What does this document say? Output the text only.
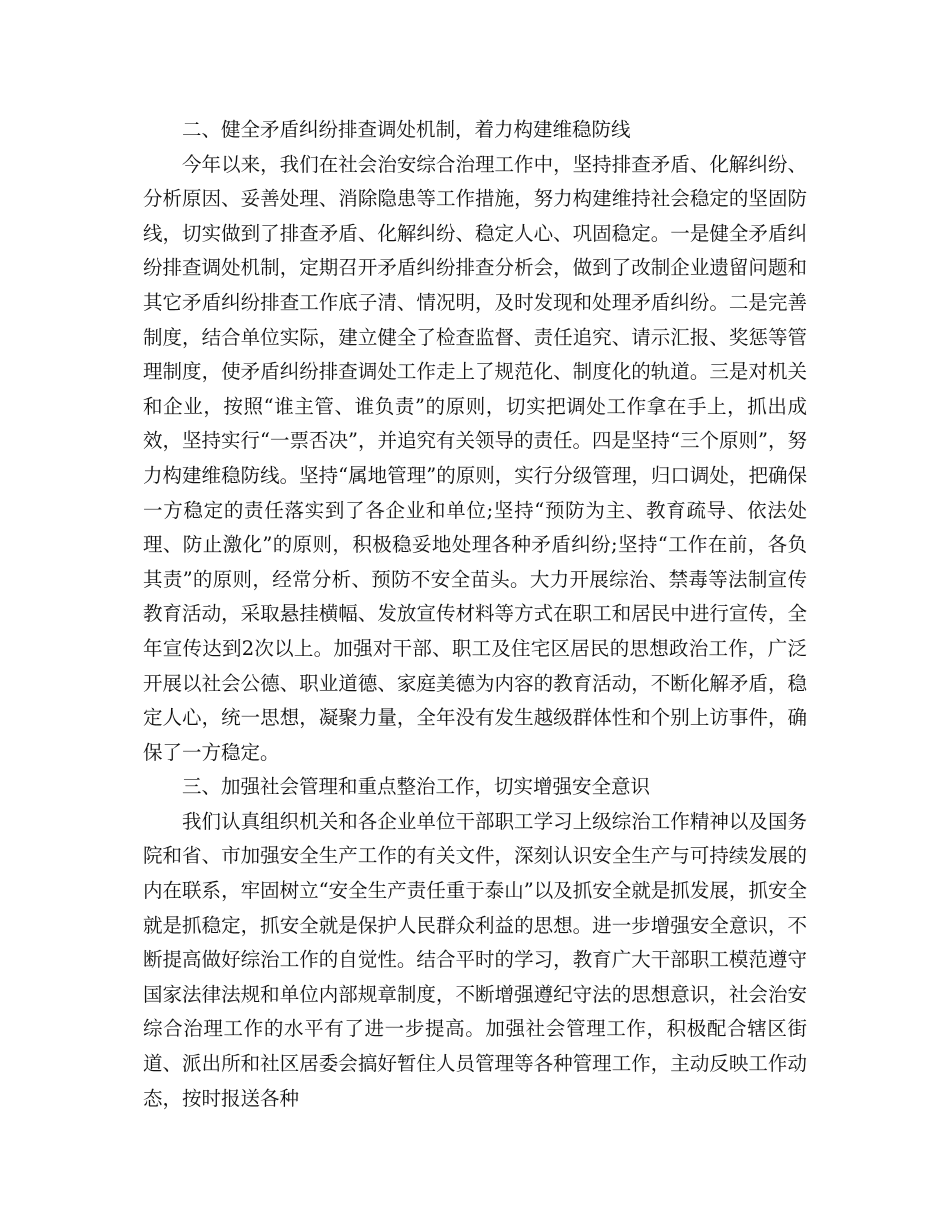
二、健全矛盾纠纷排查调处机制，着力构建维稳防线

今年以来，我们在社会治安综合治理工作中，坚持排查矛盾、化解纠纷、分析原因、妥善处理、消除隐患等工作措施，努力构建维持社会稳定的坚固防线，切实做到了排查矛盾、化解纠纷、稳定人心、巩固稳定。一是健全矛盾纠纷排查调处机制，定期召开矛盾纠纷排查分析会，做到了改制企业遗留问题和其它矛盾纠纷排查工作底子清、情况明，及时发现和处理矛盾纠纷。二是完善制度，结合单位实际，建立健全了检查监督、责任追究、请示汇报、奖惩等管理制度，使矛盾纠纷排查调处工作走上了规范化、制度化的轨道。三是对机关和企业，按照“谁主管、谁负责”的原则，切实把调处工作拿在手上，抓出成效，坚持实行“一票否决”，并追究有关领导的责任。四是坚持“三个原则”，努力构建维稳防线。坚持“属地管理”的原则，实行分级管理，归口调处，把确保一方稳定的责任落实到了各企业和单位;坚持“预防为主、教育疏导、依法处理、防止激化”的原则，积极稳妥地处理各种矛盾纠纷;坚持“工作在前，各负其责”的原则，经常分析、预防不安全苗头。大力开展综治、禁毒等法制宣传教育活动，采取悬挂横幅、发放宣传材料等方式在职工和居民中进行宣传，全年宣传达到2次以上。加强对干部、职工及住宅区居民的思想政治工作，广泛开展以社会公德、职业道德、家庭美德为内容的教育活动，不断化解矛盾，稳定人心，统一思想，凝聚力量，全年没有发生越级群体性和个别上访事件，确保了一方稳定。

三、加强社会管理和重点整治工作，切实增强安全意识

我们认真组织机关和各企业单位干部职工学习上级综治工作精神以及国务院和省、市加强安全生产工作的有关文件，深刻认识安全生产与可持续发展的内在联系，牢固树立“安全生产责任重于泰山”以及抓安全就是抓发展，抓安全就是抓稳定，抓安全就是保护人民群众利益的思想。进一步增强安全意识，不断提高做好综治工作的自觉性。结合平时的学习，教育广大干部职工模范遵守国家法律法规和单位内部规章制度，不断增强遵纪守法的思想意识，社会治安综合治理工作的水平有了进一步提高。加强社会管理工作，积极配合辖区街道、派出所和社区居委会搞好暂住人员管理等各种管理工作，主动反映工作动态，按时报送各种
